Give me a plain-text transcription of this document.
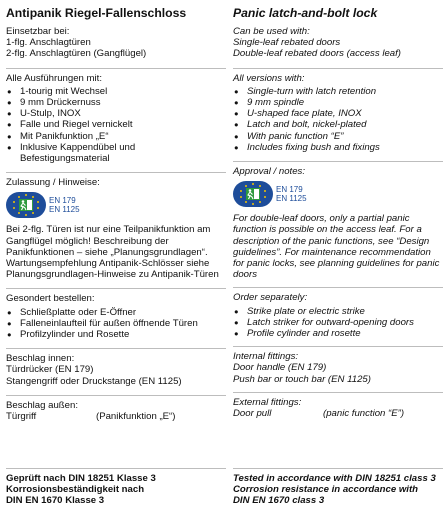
Antipanik Riegel-Fallenschloss
Einsetzbar bei:
1-flg. Anschlagtüren
2-flg. Anschlagtüren (Gangflügel)
Alle Ausführungen mit:
● 1-tourig mit Wechsel
● 9 mm Drückernuss
● U-Stulp, INOX
● Falle und Riegel vernickelt
● Mit Panikfunktion „E“
● Inklusive Kappendübel und Befestigungsmaterial
Zulassung / Hinweise:
EN 179
EN 1125
Bei 2-flg. Türen ist nur eine Teilpanikfunktion am Gangflügel möglich! Beschreibung der Panikfunktionen – siehe „Planungsgrundlagen“. Wartungsempfehlung Antipanik-Schlösser siehe Planungsgrundlagen-Hinweise zu Antipanik-Türen
Gesondert bestellen:
● Schließplatte oder E-Öffner
● Falleneinlaufteil für außen öffnende Türen
● Profilzylinder und Rosette
Beschlag innen:
Türdrücker (EN 179)
Stangengriff oder Druckstange (EN 1125)
Beschlag außen:
Türgriff	(Panikfunktion „E“)
Geprüft nach DIN 18251 Klasse 3
Korrosionsbeständigkeit nach
DIN EN 1670 Klasse 3
Panic latch-and-bolt lock
Can be used with:
Single-leaf rebated doors
Double-leaf rebated doors (access leaf)
All versions with:
● Single-turn with latch retention
● 9 mm spindle
● U-shaped face plate, INOX
● Latch and bolt, nickel-plated
● With panic function “E”
● Includes fixing bush and fixings
Approval / notes:
EN 179
EN 1125
For double-leaf doors, only a partial panic function is possible on the access leaf. For a description of the panic functions, see “Design guidelines”. For maintenance recommendation for panic locks, see planning guidelines for panic doors
Order separately:
● Strike plate or electric strike
● Latch striker for outward-opening doors
● Profile cylinder and rosette
Internal fittings:
Door handle (EN 179)
Push bar or touch bar (EN 1125)
External fittings:
Door pull	(panic function “E”)
Tested in accordance with DIN 18251 class 3
Corrosion resistance in accordance with
DIN EN 1670 class 3
